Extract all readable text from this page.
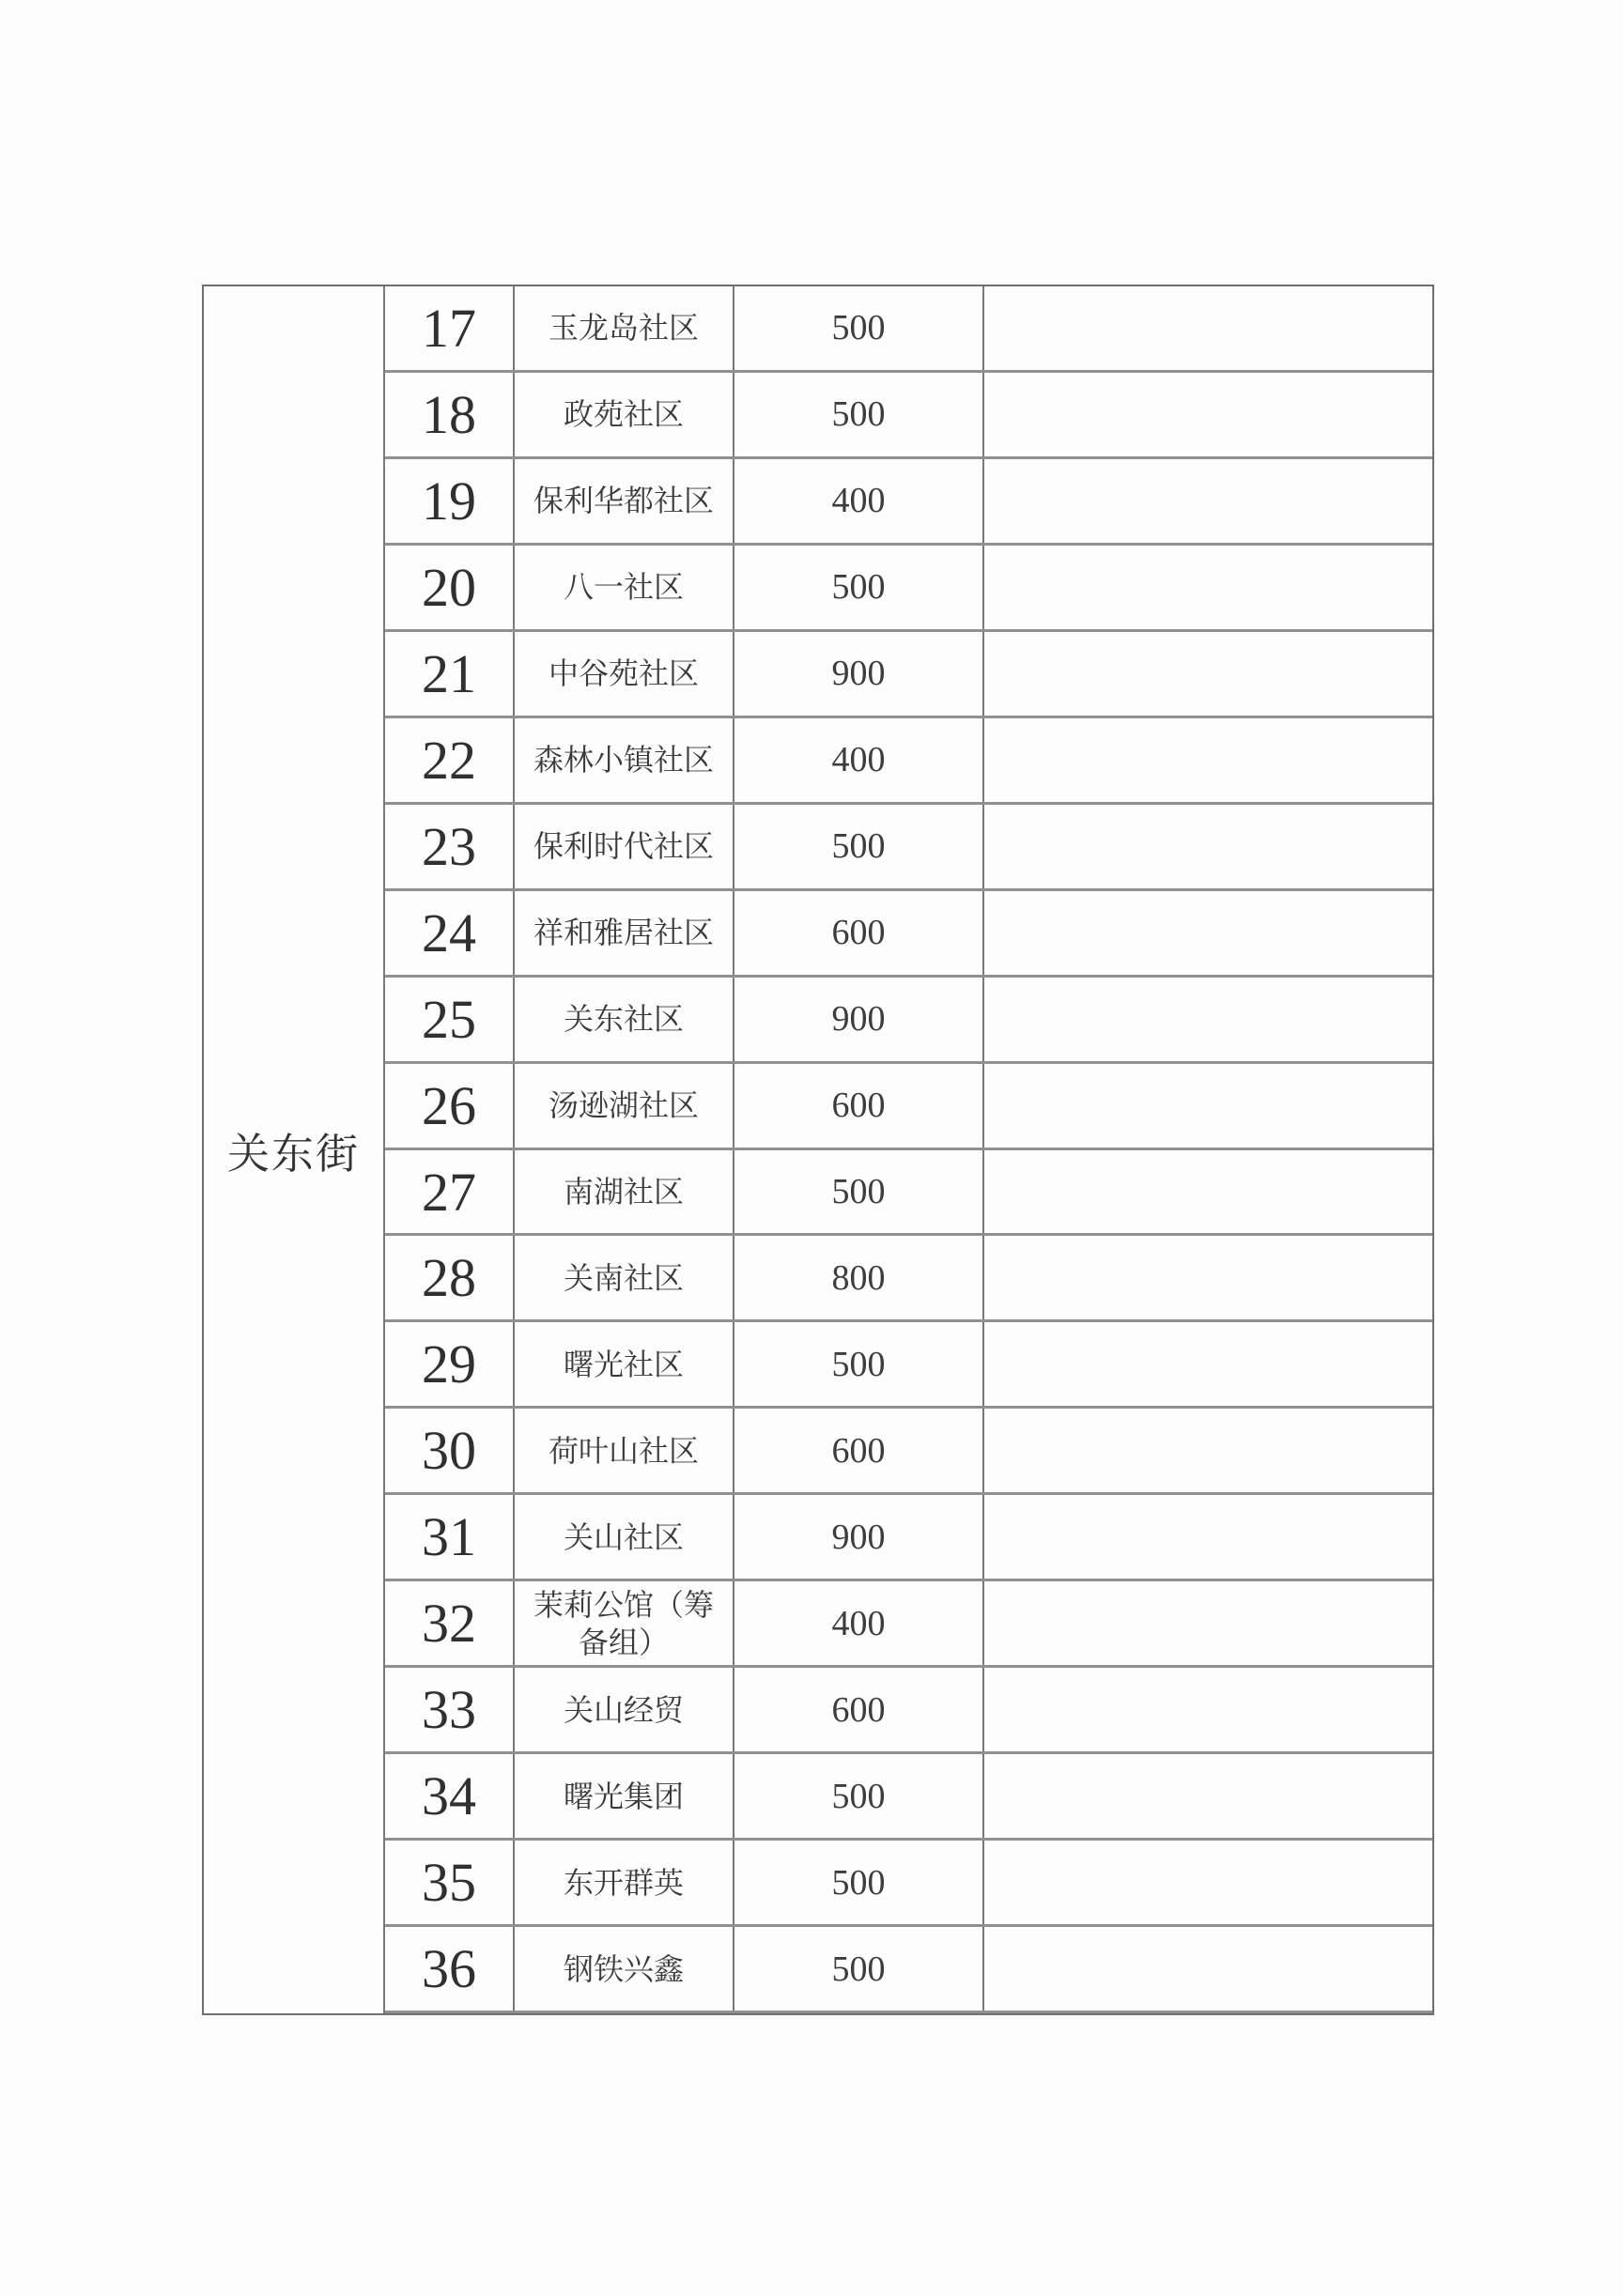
关东街
17	玉龙岛社区	500
18	政苑社区	500
19	保利华都社区	400
20	八一社区	500
21	中谷苑社区	900
22	森林小镇社区	400
23	保利时代社区	500
24	祥和雅居社区	600
25	关东社区	900
26	汤逊湖社区	600
27	南湖社区	500
28	关南社区	800
29	曙光社区	500
30	荷叶山社区	600
31	关山社区	900
32	茉莉公馆（筹备组）	400
33	关山经贸	600
34	曙光集团	500
35	东开群英	500
36	钢铁兴鑫	500
